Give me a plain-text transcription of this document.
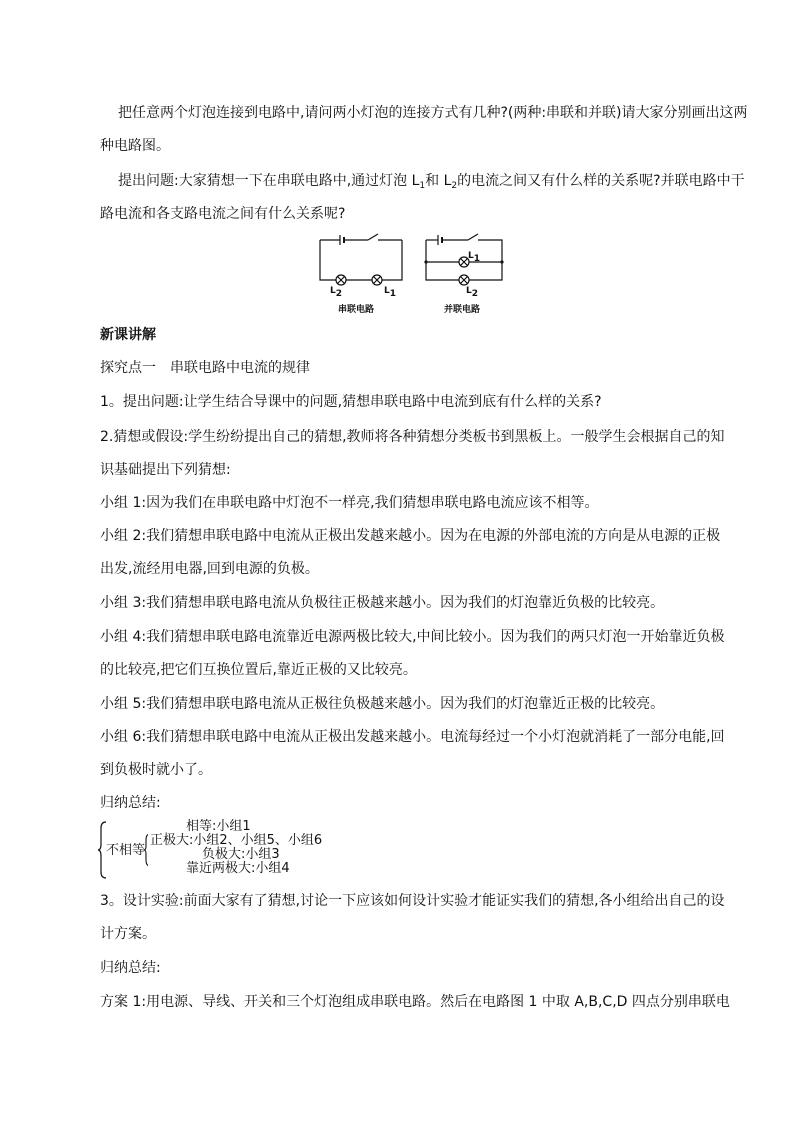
把任意两个灯泡连接到电路中,请问两小灯泡的连接方式有几种?(两种:串联和并联)请大家分别画出这两

种电路图。

提出问题:大家猜想一下在串联电路中,通过灯泡 $L_1$和 $L_2$的电流之间又有什么样的关系呢?并联电路中干

路电流和各支路电流之间有什么关系呢?

$L_2$	$L_1$
$L_1$
$L_2$
串联电路	并联电路

新课讲解

探究点一　串联电路中电流的规律

1。提出问题:让学生结合导课中的问题,猜想串联电路中电流到底有什么样的关系?

2.猜想或假设:学生纷纷提出自己的猜想,教师将各种猜想分类板书到黑板上。一般学生会根据自己的知

识基础提出下列猜想:

小组 1:因为我们在串联电路中灯泡不一样亮,我们猜想串联电路电流应该不相等。

小组 2:我们猜想串联电路中电流从正极出发越来越小。因为在电源的外部电流的方向是从电源的正极

出发,流经用电器,回到电源的负极。

小组 3:我们猜想串联电路电流从负极往正极越来越小。因为我们的灯泡靠近负极的比较亮。

小组 4:我们猜想串联电路电流靠近电源两极比较大,中间比较小。因为我们的两只灯泡一开始靠近负极

的比较亮,把它们互换位置后,靠近正极的又比较亮。

小组 5:我们猜想串联电路电流从正极往负极越来越小。因为我们的灯泡靠近正极的比较亮。

小组 6:我们猜想串联电路中电流从正极出发越来越小。电流每经过一个小灯泡就消耗了一部分电能,回

到负极时就小了。

归纳总结:

相等:小组1
不相等
正极大:小组2、小组5、小组6
负极大:小组3
靠近两极大:小组4

3。设计实验:前面大家有了猜想,讨论一下应该如何设计实验才能证实我们的猜想,各小组给出自己的设

计方案。

归纳总结:

方案 1:用电源、导线、开关和三个灯泡组成串联电路。然后在电路图 1 中取 A,B,C,D 四点分别串联电
